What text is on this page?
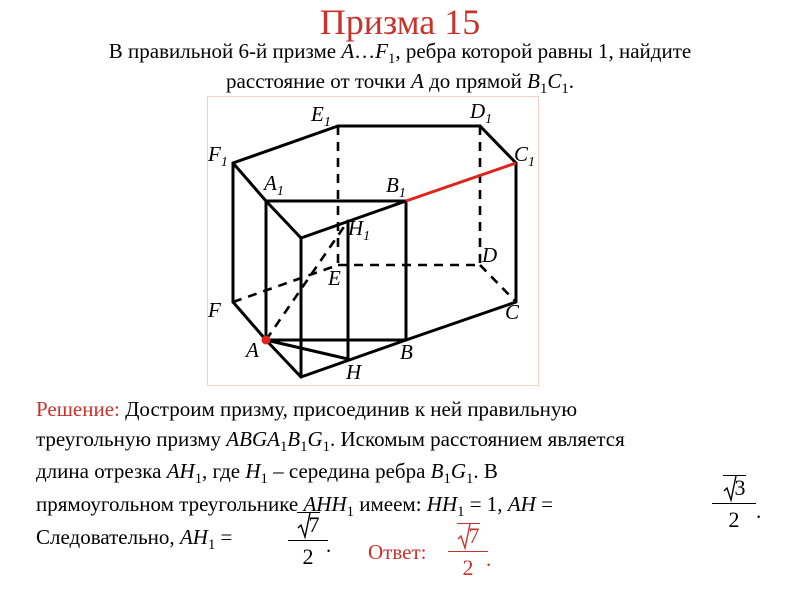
Призма 15
В правильной 6-й призме $A\dots F_1$, ребра которой равны 1, найдите
расстояние от точки A до прямой $B_1C_1$.
$E_1$	$D_1$
$F_1$	$C_1$
$A_1$	$B_1$
$H_1$
E
D
F	C
A	B
H
Решение: Достроим призму, присоединив к ней правильную
треугольную призму $ABGA_1B_1G_1$. Искомым расстоянием является
длина отрезка $AH_1$, где $H_1$ – середина ребра $B_1G_1$. В
прямоугольном треугольнике $AHH_1$ имеем: $HH_1 = 1$, AH =
3
2 .
Следовательно, $AH_1$ =	7
2 .	Ответ:
7
2 .
